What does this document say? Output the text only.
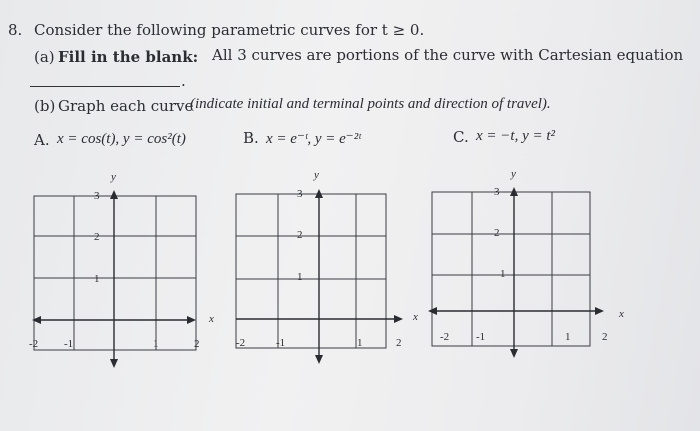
8. Consider the following parametric curves for t ≥ 0.
(a) Fill in the blank: All 3 curves are portions of the curve with Cartesian equation
.
(b) Graph each curve
(indicate initial and terminal points and direction of travel).
A. x = cos(t), y = cos²(t)	B. x = e⁻ᵗ, y = e⁻²ᵗ	C. x = −t, y = t²
y
3
2
1
x
-2 -1	1	2
y
3
2
1
x
-2	-1	1	2
y
3
2
1
x
-2 -1	1	2
